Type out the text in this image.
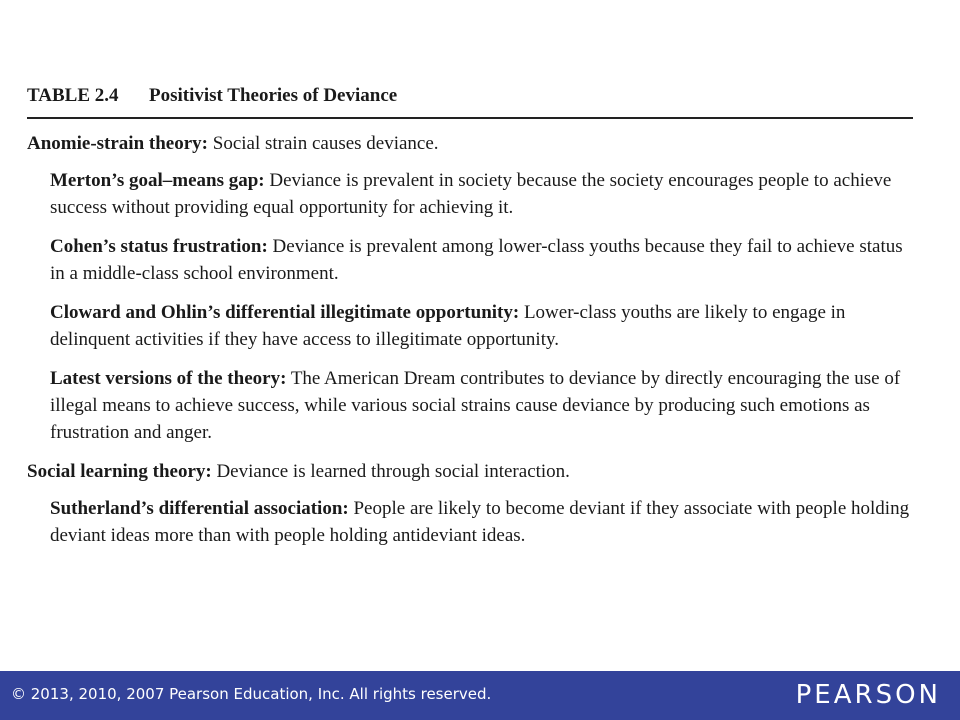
TABLE 2.4 Positivist Theories of Deviance
Anomie-strain theory: Social strain causes deviance.
Merton’s goal–means gap: Deviance is prevalent in society because the society encourages people to achieve success without providing equal opportunity for achieving it.
Cohen’s status frustration: Deviance is prevalent among lower-class youths because they fail to achieve status in a middle-class school environment.
Cloward and Ohlin’s differential illegitimate opportunity: Lower-class youths are likely to engage in delinquent activities if they have access to illegitimate opportunity.
Latest versions of the theory: The American Dream contributes to deviance by directly encouraging the use of illegal means to achieve success, while various social strains cause deviance by producing such emotions as frustration and anger.
Social learning theory: Deviance is learned through social interaction.
Sutherland’s differential association: People are likely to become deviant if they associate with people holding deviant ideas more than with people holding antideviant ideas.
© 2013, 2010, 2007 Pearson Education, Inc. All rights reserved.	PEARSON
